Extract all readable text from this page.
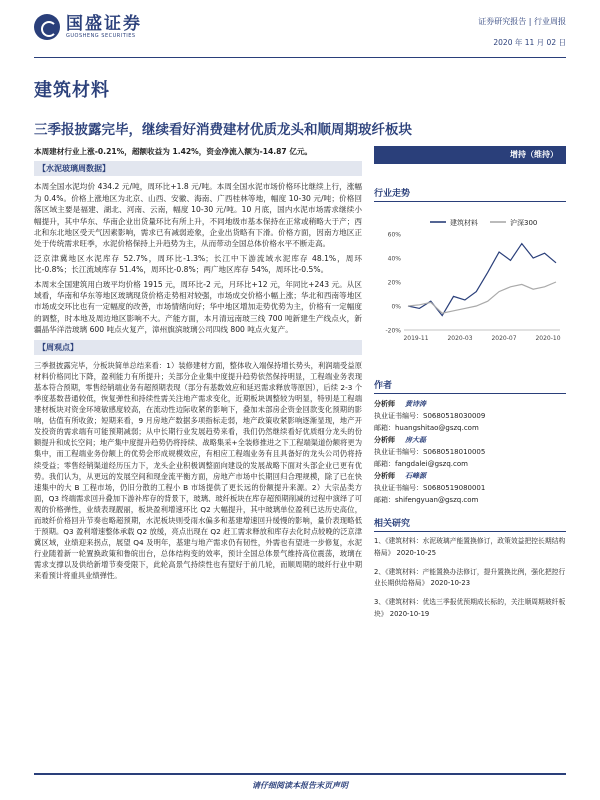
国盛证券
GUOSHENG SECURITIES
证券研究报告 | 行业周报
2020 年 11 月 02 日
建筑材料
三季报披露完毕，继续看好消费建材优质龙头和顺周期玻纤板块

本周建材行业上涨-0.21%，超额收益为 1.42%，资金净流入额为-14.87 亿元。

【水泥玻璃周数据】

本周全国水泥均价 434.2 元/吨，周环比+1.8 元/吨。本周全国水泥市场价格环比继续上行，涨幅为 0.4%。价格上涨地区为北京、山西、安徽、海南、广西桂林等地，幅度 10-30 元/吨；价格回落区域主要是福建、湖北、河南、云南，幅度 10-30 元/吨。10 月底，国内水泥市场需求继续小幅提升，其中华东、华南企业出货量环比有所上升，不同地级市基本保持在正常或稍略大于产；西北和东北地区受天气因素影响，需求已有减弱迹象，企业出货略有下滑。价格方面，因南方地区正处于传统需求旺季，水泥价格保持上升趋势为主，从而带动全国总体价格水平不断走高。

泛京津冀地区水泥库存 52.7%，周环比-1.3%；长江中下游流域水泥库存 48.1%，周环比-0.8%；长江流域库存 51.4%，周环比-0.8%；两广地区库存 54%，周环比-0.5%。

本周末全国建筑用白玻平均价格 1915 元，周环比-2 元，月环比+12 元，年同比+243 元。从区域看，华南和华东等地区玻璃现货价格走势相对较强，市场成交价格小幅上涨；华北和西南等地区市场成交环比也有一定幅度的改善，市场情绪向好；华中地区增加走势优势为主，价格有一定幅度的调整，时本地及周边地区影响不大。产能方面，本月清远南玻三线 700 吨新建生产线点火，新疆晶华洋浩玻璃 600 吨点火复产，漳州旗滨玻璃公司四线 800 吨点火复产。

【周观点】

三季报披露完毕，分板块简单总结来看：1）装修建材方面，整体收入端保持增长势头，利润端受益原材料价格同比下降，盈利能力有所提升；关部分企业集中度提升趋势依然保持明显，工程端业务表现基本符合预期，零售经销端业务有超预期表现（部分有基数效应和延迟需求释放等原因），后续 2-3 个季度基数普通较低，恢复弹性和持续性需关注地产需求变化，近期板块调整较为明显，特别是工程端建材板块对资金环境敏感度较高，在流动性边际收紧的影响下，叠加未部房企资金回款变化预期的影响，估值有所收敛；短期来看，9 月房地产数据多项指标走弱，地产政策收紧影响逐渐显现，地产开发投资的需求端有可能预期减弱；从中长期行业发展趋势来看，我们仍然继续看好优质细分龙头的份额提升和成长空间；地产集中度提升趋势仍将持续、战略集采+全装修推进之下工程端渠道份额将更为集中，而工程端业务份额上的优势会形成规模效应，有相应工程端业务有且具备好的龙头公司仍将持续受益；零售经销渠道经历压力下，龙头企业积极调整面向建设的发展战略下面对头部企业已更有优势。我们认为，从更远的发展空间和现金流平衡方面，房地产市场中长期回归合理规模，除了已在快速集中的大 B 工程市场，仍旧分散的工程小 B 市场提供了更长远的份额提升来源。2）大宗品类方面，Q3 终端需求回升叠加下游补库存的背景下，玻璃、玻纤板块在库存超预期削减的过程中演绎了可观的价格弹性，业绩表现靓丽，板块盈利增速环比 Q2 大幅提升，其中玻璃单位盈利已达历史高位，而玻纤价格回升节奏也略超预期，水泥板块则受雨水偏多和基建增速回升缓慢的影响，量价表现略低于预期。Q3 盈利增速整体承载 Q2 放缓，亮点出现在 Q2 赶工需求释放和库存去化时点较晚的泛京津冀区域，业绩迎来拐点，展望 Q4 及明年，基建与地产需求仍有韧性，外需也有望进一步修复，水泥行业随着新一轮置换政策和鲁皖出台，总体结构变的效率，预计全国总体景气维持高位震荡，玻璃在需求支撑以及供给新增节奏受限下，此轮高景气持续性也有望好于前几轮，而顺周期的玻纤行业中期来看预计将重具业绩弹性。

增持（维持）
行业走势
60%
40%
20%
0%
-20%
2019-11	2020-03	2020-07	2020-10
建筑材料	沪深300
作者
分析师 黄诗涛
执业证书编号：S0680518030009
邮箱：huangshitao@gszq.com
分析师 房大磊
执业证书编号：S0680518010005
邮箱：fangdalei@gszq.com
分析师 石峰源
执业证书编号：S0680519080001
邮箱：shifengyuan@gszq.com
相关研究

1、《建筑材料：水泥玻璃产能置换修订，政策效益把控长期结构格局》 2020-10-25

2、《建筑材料：产能置换办法修订，提升置换比例，强化把控行业长期供给格局》 2020-10-23

3、《建筑材料：优选三季报优预期成长标的，关注顺周期玻纤板块》 2020-10-19

请仔细阅读本报告末页声明
